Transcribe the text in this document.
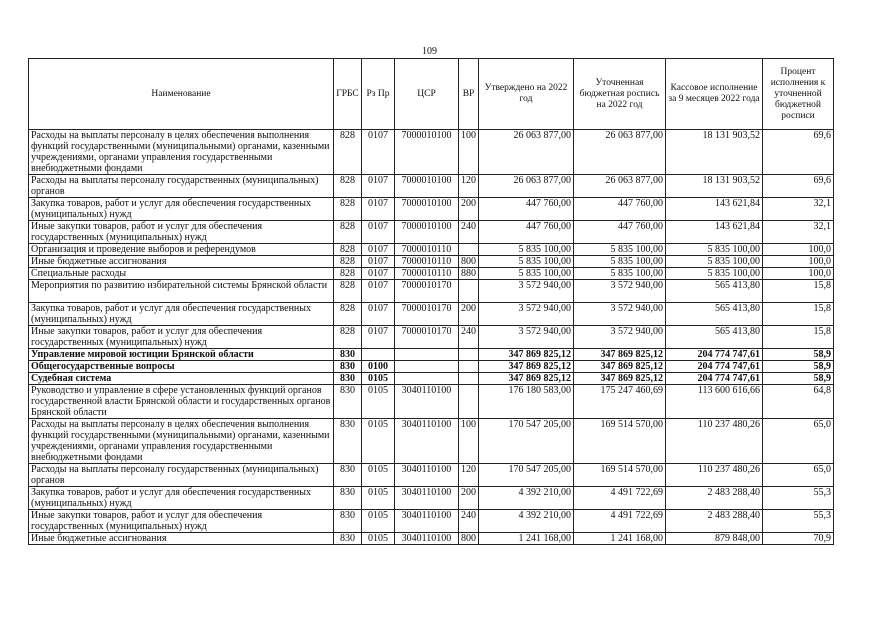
109
Наименование	ГРБС	Рз Пр	ЦСР	ВР	Утверждено на 2022 год	Уточненная бюджетная роспись на 2022 год	Кассовое исполнение за 9 месяцев 2022 года	Процент исполнения к уточненной бюджетной росписи
Расходы на выплаты персоналу в целях обеспечения выполнения функций государственными (муниципальными) органами, казенными учреждениями, органами управления государственными внебюджетными фондами	828	0107	7000010100	100	26 063 877,00	26 063 877,00	18 131 903,52	69,6
Расходы на выплаты персоналу государственных (муниципальных) органов	828	0107	7000010100	120	26 063 877,00	26 063 877,00	18 131 903,52	69,6
Закупка товаров, работ и услуг для обеспечения государственных (муниципальных) нужд	828	0107	7000010100	200	447 760,00	447 760,00	143 621,84	32,1
Иные закупки товаров, работ и услуг для обеспечения государственных (муниципальных) нужд	828	0107	7000010100	240	447 760,00	447 760,00	143 621,84	32,1
Организация и проведение выборов и референдумов	828	0107	7000010110		5 835 100,00	5 835 100,00	5 835 100,00	100,0
Иные бюджетные ассигнования	828	0107	7000010110	800	5 835 100,00	5 835 100,00	5 835 100,00	100,0
Специальные расходы	828	0107	7000010110	880	5 835 100,00	5 835 100,00	5 835 100,00	100,0
Мероприятия по развитию избирательной системы Брянской области	828	0107	7000010170		3 572 940,00	3 572 940,00	565 413,80	15,8
Закупка товаров, работ и услуг для обеспечения государственных (муниципальных) нужд	828	0107	7000010170	200	3 572 940,00	3 572 940,00	565 413,80	15,8
Иные закупки товаров, работ и услуг для обеспечения государственных (муниципальных) нужд	828	0107	7000010170	240	3 572 940,00	3 572 940,00	565 413,80	15,8
Управление мировой юстиции Брянской области	830				347 869 825,12	347 869 825,12	204 774 747,61	58,9
Общегосударственные вопросы	830	0100			347 869 825,12	347 869 825,12	204 774 747,61	58,9
Судебная система	830	0105			347 869 825,12	347 869 825,12	204 774 747,61	58,9
Руководство и управление в сфере установленных функций органов государственной власти Брянской области и государственных органов Брянской области	830	0105	3040110100		176 180 583,00	175 247 460,69	113 600 616,66	64,8
Расходы на выплаты персоналу в целях обеспечения выполнения функций государственными (муниципальными) органами, казенными учреждениями, органами управления государственными внебюджетными фондами	830	0105	3040110100	100	170 547 205,00	169 514 570,00	110 237 480,26	65,0
Расходы на выплаты персоналу государственных (муниципальных) органов	830	0105	3040110100	120	170 547 205,00	169 514 570,00	110 237 480,26	65,0
Закупка товаров, работ и услуг для обеспечения государственных (муниципальных) нужд	830	0105	3040110100	200	4 392 210,00	4 491 722,69	2 483 288,40	55,3
Иные закупки товаров, работ и услуг для обеспечения государственных (муниципальных) нужд	830	0105	3040110100	240	4 392 210,00	4 491 722,69	2 483 288,40	55,3
Иные бюджетные ассигнования	830	0105	3040110100	800	1 241 168,00	1 241 168,00	879 848,00	70,9
